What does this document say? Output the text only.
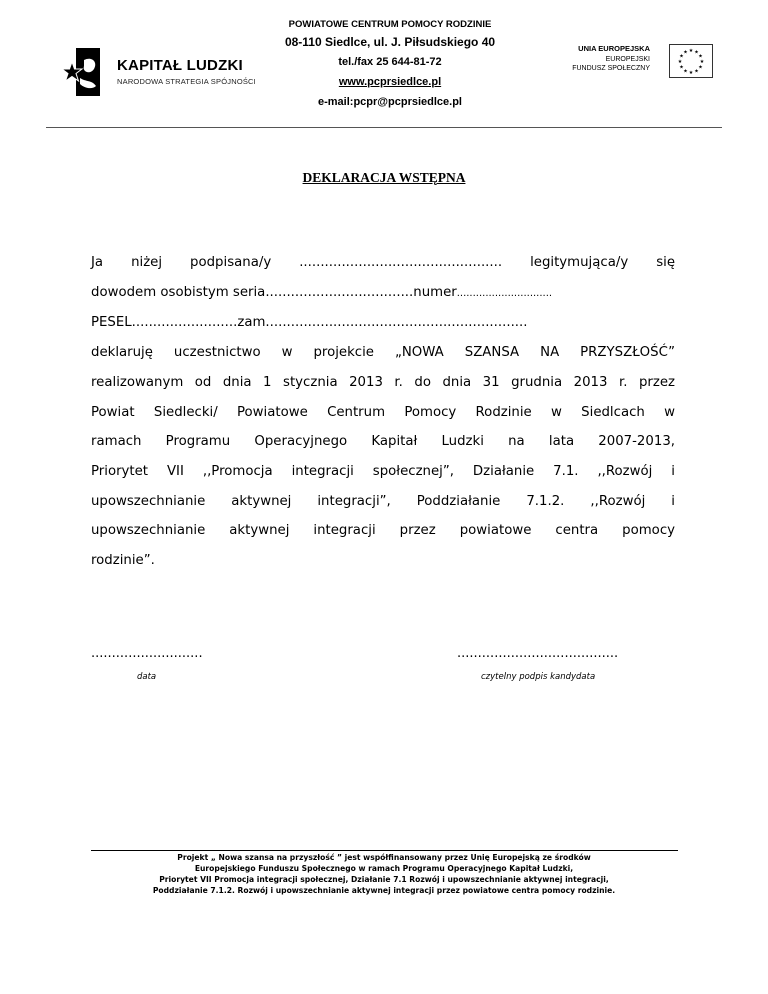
KAPITAŁ LUDZKI
NARODOWA STRATEGIA SPÓJNOŚCI
POWIATOWE CENTRUM POMOCY RODZINIE
08-110 Siedlce, ul. J. Piłsudskiego 40
tel./fax 25 644-81-72
www.pcprsiedlce.pl
e-mail:pcpr@pcprsiedlce.pl
UNIA EUROPEJSKA
EUROPEJSKI
FUNDUSZ SPOŁECZNY
★ ★
★
★
★
★
★
★
★
★
★
★
DEKLARACJA WSTĘPNA
Ja niżej podpisana/y ................................................ legitymująca/y się
dowodem osobistym seria...................................numer..............................
PESEL.........................zam..............................................................
deklaruję uczestnictwo w projekcie „NOWA SZANSA NA PRZYSZŁOŚĆ”
realizowanym od dnia 1 stycznia 2013 r. do dnia 31 grudnia 2013 r. przez
Powiat Siedlecki/ Powiatowe Centrum Pomocy Rodzinie w Siedlcach w
ramach Programu Operacyjnego Kapitał Ludzki na lata 2007-2013,
Priorytet VII ,,Promocja integracji społecznej”, Działanie 7.1. ,,Rozwój i
upowszechnianie aktywnej integracji”, Poddziałanie 7.1.2. ,,Rozwój i
upowszechnianie aktywnej integracji przez powiatowe centra pomocy
rodzinie”.
...........................	.......................................
data	czytelny podpis kandydata
Projekt „ Nowa szansa na przyszłość ” jest współfinansowany przez Unię Europejską ze środków
Europejskiego Funduszu Społecznego w ramach Programu Operacyjnego Kapitał Ludzki,
Priorytet VII Promocja integracji społecznej, Działanie 7.1 Rozwój i upowszechnianie aktywnej integracji,
Poddziałanie 7.1.2. Rozwój i upowszechnianie aktywnej integracji przez powiatowe centra pomocy rodzinie.
